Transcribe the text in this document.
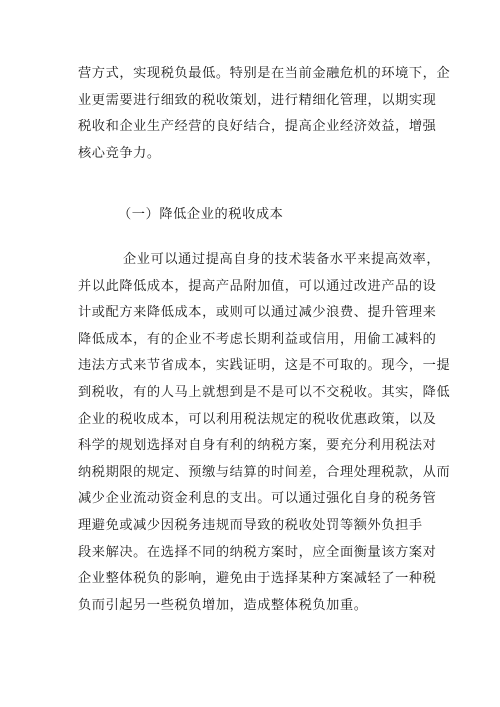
营方式，实现税负最低。特别是在当前金融危机的环境下，企
业更需要进行细致的税收策划，进行精细化管理，以期实现
税收和企业生产经营的良好结合，提高企业经济效益，增强
核心竞争力。
（一）降低企业的税收成本
企业可以通过提高自身的技术装备水平来提高效率，
并以此降低成本，提高产品附加值，可以通过改进产品的设
计或配方来降低成本，或则可以通过减少浪费、提升管理来
降低成本，有的企业不考虑长期利益或信用，用偷工减料的
违法方式来节省成本，实践证明，这是不可取的。现今，一提
到税收，有的人马上就想到是不是可以不交税收。其实，降低
企业的税收成本，可以利用税法规定的税收优惠政策，以及
科学的规划选择对自身有利的纳税方案，要充分利用税法对
纳税期限的规定、预缴与结算的时间差，合理处理税款，从而
减少企业流动资金利息的支出。可以通过强化自身的税务管
理避免或减少因税务违规而导致的税收处罚等额外负担手
段来解决。在选择不同的纳税方案时，应全面衡量该方案对
企业整体税负的影响，避免由于选择某种方案减轻了一种税
负而引起另一些税负增加，造成整体税负加重。
